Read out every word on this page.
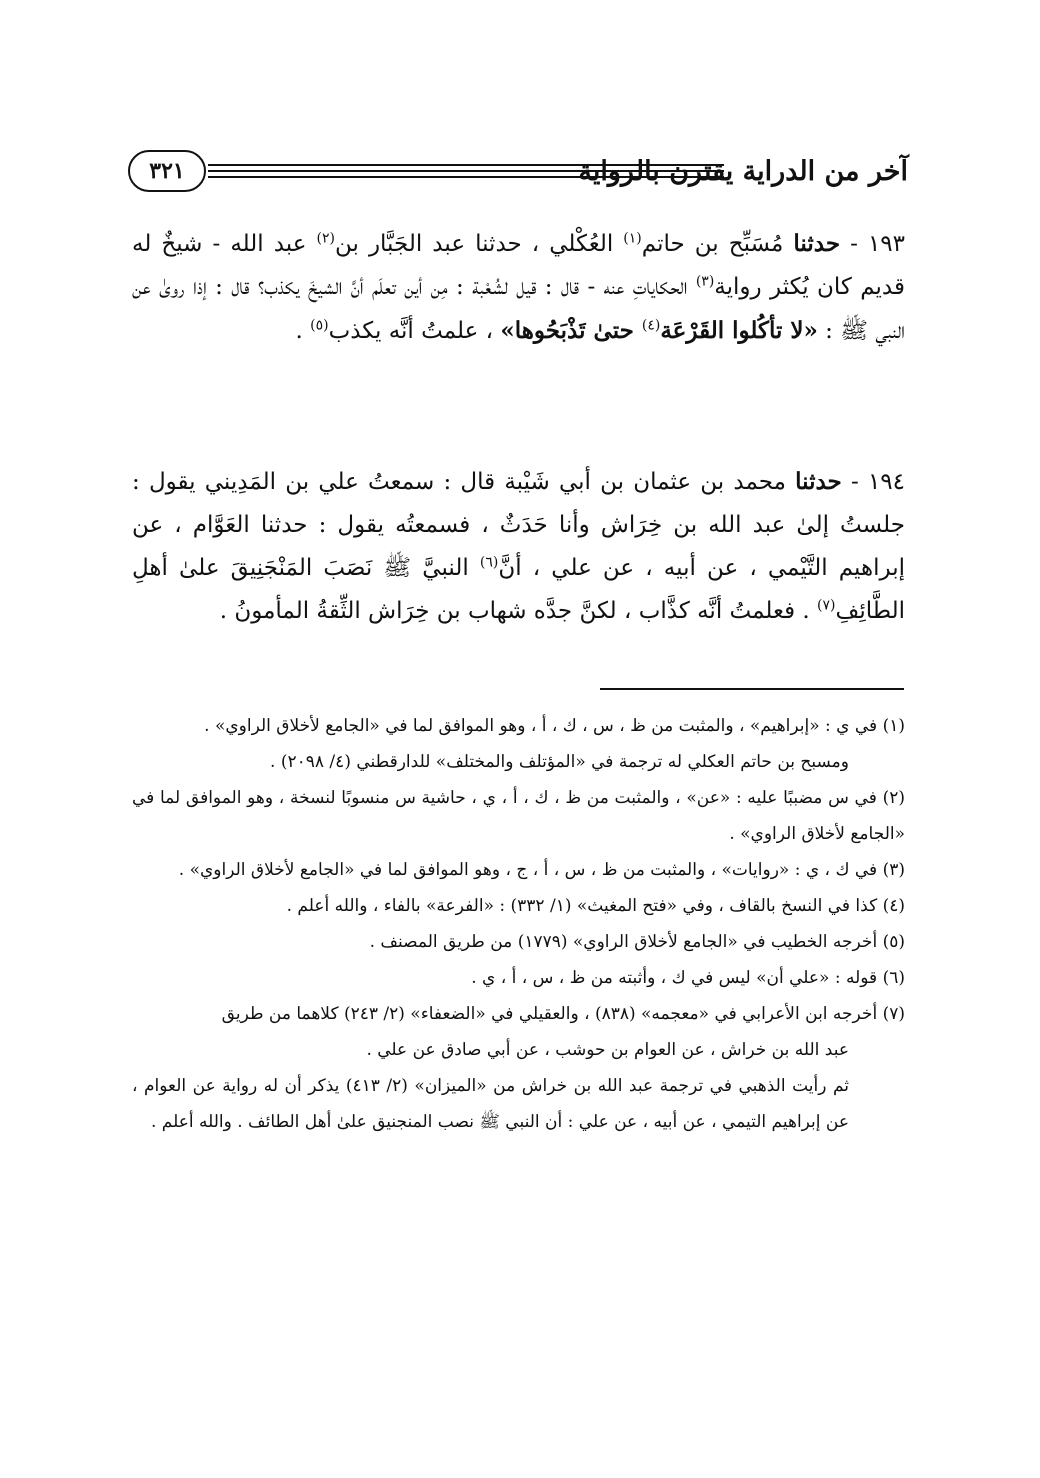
٣٢١	آخر من الدراية يقترن بالرواية
١٩٣ - حدثنا مُسَبِّح بن حاتم$^{(١)}$ العُكْلي ، حدثنا عبد الجَبَّار بن$^{(٢)}$ عبد الله - شيخٌ له قديم كان يُكثر رواية$^{(٣)}$ الحكاياتِ عنه - قال : قيل لشُعْبة : مِن أين تعلَم أنَّ الشيخَ يكذب؟ قال : إذا روىٰ عن النبي ﷺ : «لا تأكُلوا القَرْعَة$^{(٤)}$ حتىٰ تَذْبَحُوها» ، علمتُ أنَّه يكذب$^{(٥)}$ .
١٩٤ - حدثنا محمد بن عثمان بن أبي شَيْبة قال : سمعتُ علي بن المَدِيني يقول : جلستُ إلىٰ عبد الله بن خِرَاش وأنا حَدَثٌ ، فسمعتُه يقول : حدثنا العَوَّام ، عن إبراهيم التَّيْمي ، عن أبيه ، عن علي ، أنَّ$^{(٦)}$ النبيَّ ﷺ نَصَبَ المَنْجَنِيقَ علىٰ أهلِ الطَّائِفِ$^{(٧)}$ . فعلمتُ أنَّه كذَّاب ، لكنَّ جدَّه شهاب بن خِرَاش الثِّقةُ المأمونُ .

(١) في ي : «إبراهيم» ، والمثبت من ظ ، س ، ك ، أ ، وهو الموافق لما في «الجامع لأخلاق الراوي» .
ومسبح بن حاتم العكلي له ترجمة في «المؤتلف والمختلف» للدارقطني (٤/ ٢٠٩٨) .

(٢) في س مضببًا عليه : «عن» ، والمثبت من ظ ، ك ، أ ، ي ، حاشية س منسوبًا لنسخة ، وهو الموافق لما في «الجامع لأخلاق الراوي» .

(٣) في ك ، ي : «روايات» ، والمثبت من ظ ، س ، أ ، ج ، وهو الموافق لما في «الجامع لأخلاق الراوي» .

(٤) كذا في النسخ بالقاف ، وفي «فتح المغيث» (١/ ٣٣٢) : «الفرعة» بالفاء ، والله أعلم .

(٥) أخرجه الخطيب في «الجامع لأخلاق الراوي» (١٧٧٩) من طريق المصنف .

(٦) قوله : «علي أن» ليس في ك ، وأثبته من ظ ، س ، أ ، ي .

(٧) أخرجه ابن الأعرابي في «معجمه» (٨٣٨) ، والعقيلي في «الضعفاء» (٢/ ٢٤٣) كلاهما من طريق
عبد الله بن خراش ، عن العوام بن حوشب ، عن أبي صادق عن علي .
ثم رأيت الذهبي في ترجمة عبد الله بن خراش من «الميزان» (٢/ ٤١٣) يذكر أن له رواية عن العوام ، عن إبراهيم التيمي ، عن أبيه ، عن علي : أن النبي ﷺ نصب المنجنيق علىٰ أهل الطائف . والله أعلم .
